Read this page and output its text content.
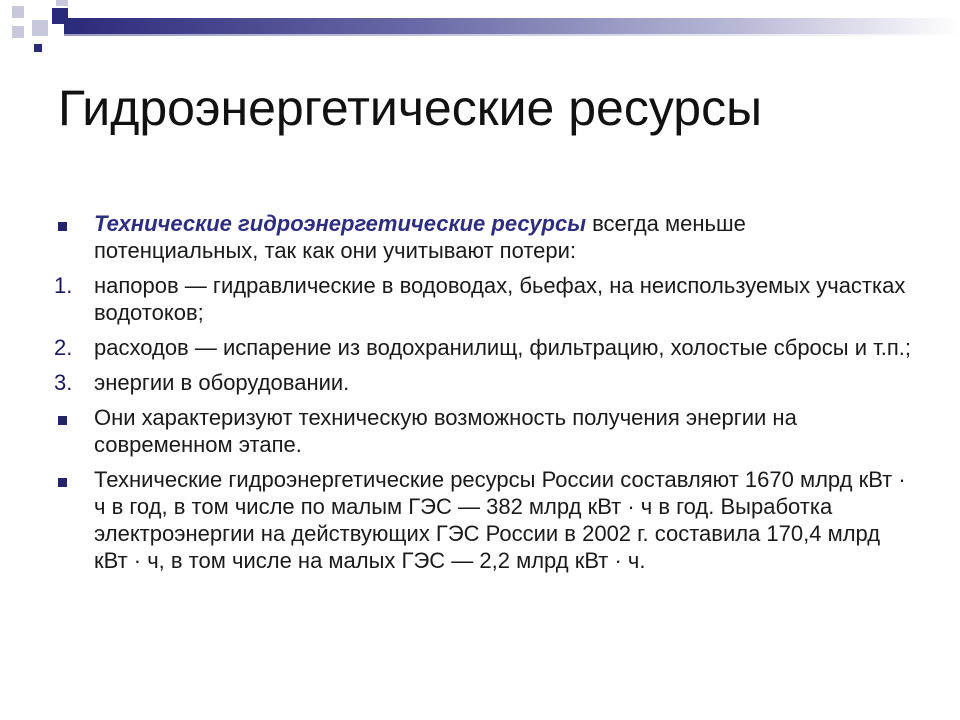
Гидроэнергетические ресурсы
Технические гидроэнергетические ресурсы всегда меньше потенциальных, так как они учитывают потери:
1. напоров — гидравлические в водоводах, бьефах, на неиспользуемых участках водотоков;
2. расходов — испарение из водохранилищ, фильтрацию, холостые сбросы и т.п.;
3. энергии в оборудовании.
Они характеризуют техническую возможность получения энергии на современном этапе.
Технические гидроэнергетические ресурсы России составляют 1670 млрд кВт · ч в год, в том числе по малым ГЭС — 382 млрд кВт · ч в год. Выработка электроэнергии на действующих ГЭС России в 2002 г. составила 170,4 млрд кВт · ч, в том числе на малых ГЭС — 2,2 млрд кВт · ч.
